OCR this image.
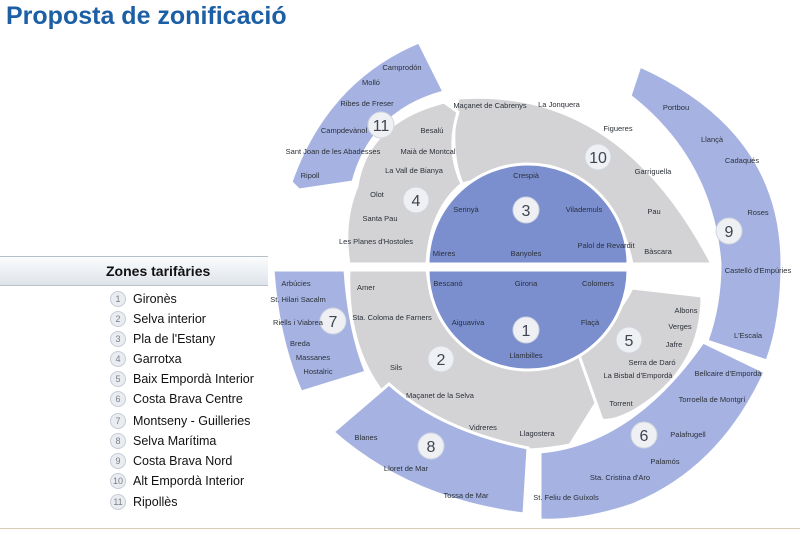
Proposta de zonificació
1
2
3
4
5
6
7
8
9
10
11
Bescanó	Girona	Colomers
Aiguaviva	Flaçà
Llambilles
Amer
Sta. Coloma de Farners
Sils
Maçanet de la Selva
Vidreres
Llagostera
Crespià
Serinyà	Vilademuls
Mieres	Banyoles
Palol de Revardit
Besalú
Maià de Montcal
La Vall de Bianya
Olot
Santa Pau
Les Planes d'Hostoles
Albons
Verges
Jafre
Serra de Daró
La Bisbal d'Empordà
Torrent
Bellcaire d'Empordà
Torroella de Montgrí
Palafrugell
Palamós
Sta. Cristina d'Aro
St. Feliu de Guíxols
Arbúcies
St. Hilari Sacalm
Riells i Viabrea
Breda
Massanes
Hostalric
Blanes
Lloret de Mar
Tossa de Mar
Portbou
Llançà
Cadaqués
Roses
Castelló d'Empúries
L'Escala
Maçanet de Cabrenys La Jonquera
Figueres
Garriguella
Pau
Bàscara
Camprodón
Molló
Ribes de Freser
Campdevànol
Sant Joan de les Abadesses
Ripoll
Zones tarifàries
1 Gironès
2 Selva interior
3 Pla de l'Estany
4 Garrotxa
5 Baix Empordà Interior
6 Costa Brava Centre
7 Montseny - Guilleries
8 Selva Marítima
9 Costa Brava Nord
10 Alt Empordà Interior
11 Ripollès
